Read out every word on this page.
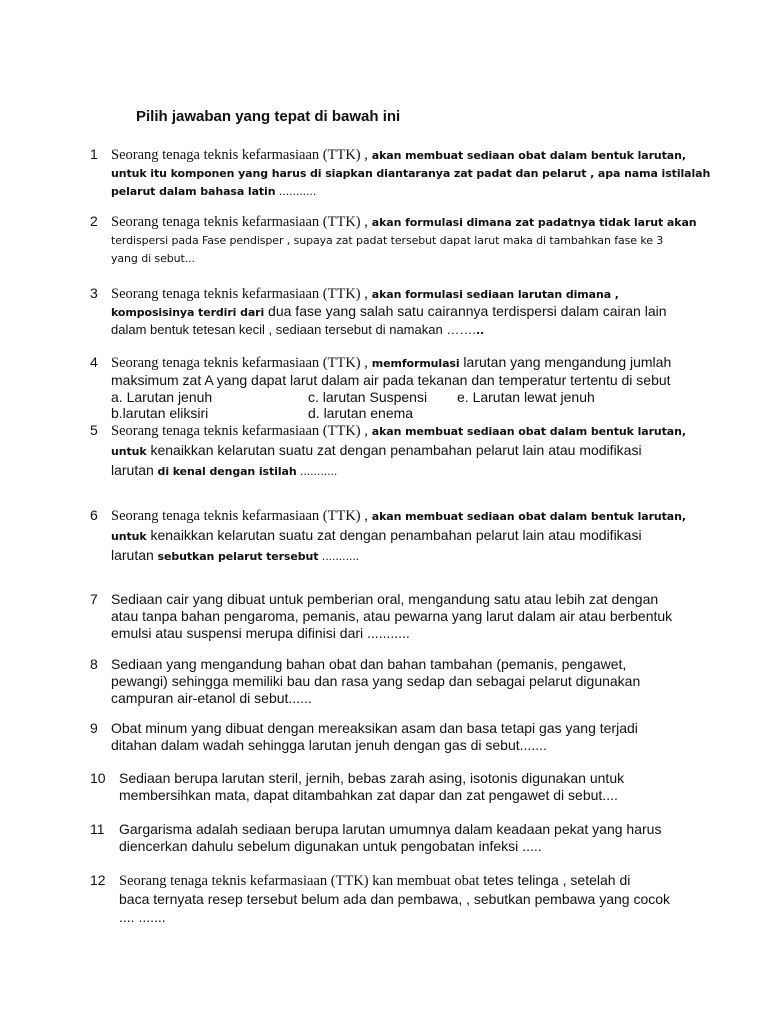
Pilih jawaban yang tepat di bawah ini
1 Seorang tenaga teknis kefarmasiaan (TTK) , akan membuat sediaan obat dalam bentuk larutan,
untuk itu komponen yang harus di siapkan diantaranya zat padat dan pelarut , apa nama istilalah
pelarut dalam bahasa latin ...........
2 Seorang tenaga teknis kefarmasiaan (TTK) , akan formulasi dimana zat padatnya tidak larut akan
terdispersi pada Fase pendisper , supaya zat padat tersebut dapat larut maka di tambahkan fase ke 3
yang di sebut...
3 Seorang tenaga teknis kefarmasiaan (TTK) , akan formulasi sediaan larutan dimana ,
komposisinya terdiri dari dua fase yang salah satu cairannya terdispersi dalam cairan lain
dalam bentuk tetesan kecil , sediaan tersebut di namakan ……...
4 Seorang tenaga teknis kefarmasiaan (TTK) , memformulasi larutan yang mengandung jumlah
maksimum zat A yang dapat larut dalam air pada tekanan dan temperatur tertentu di sebut
a. Larutan jenuh	c. larutan Suspensi e. Larutan lewat jenuh
b.larutan eliksiri	d. larutan enema
5 Seorang tenaga teknis kefarmasiaan (TTK) , akan membuat sediaan obat dalam bentuk larutan,
untuk kenaikkan kelarutan suatu zat dengan penambahan pelarut lain atau modifikasi
larutan di kenal dengan istilah ...........
6 Seorang tenaga teknis kefarmasiaan (TTK) , akan membuat sediaan obat dalam bentuk larutan,
untuk kenaikkan kelarutan suatu zat dengan penambahan pelarut lain atau modifikasi
larutan sebutkan pelarut tersebut ...........
7 Sediaan cair yang dibuat untuk pemberian oral, mengandung satu atau lebih zat dengan
atau tanpa bahan pengaroma, pemanis, atau pewarna yang larut dalam air atau berbentuk
emulsi atau suspensi merupa difinisi dari ...........
8 Sediaan yang mengandung bahan obat dan bahan tambahan (pemanis, pengawet,
pewangi) sehingga memiliki bau dan rasa yang sedap dan sebagai pelarut digunakan
campuran air-etanol di sebut......
9 Obat minum yang dibuat dengan mereaksikan asam dan basa tetapi gas yang terjadi
ditahan dalam wadah sehingga larutan jenuh dengan gas di sebut.......
10 Sediaan berupa larutan steril, jernih, bebas zarah asing, isotonis digunakan untuk
membersihkan mata, dapat ditambahkan zat dapar dan zat pengawet di sebut....
11 Gargarisma adalah sediaan berupa larutan umumnya dalam keadaan pekat yang harus
diencerkan dahulu sebelum digunakan untuk pengobatan infeksi .....
12 Seorang tenaga teknis kefarmasiaan (TTK) kan membuat obat tetes telinga , setelah di
baca ternyata resep tersebut belum ada dan pembawa, , sebutkan pembawa yang cocok
.... .......
